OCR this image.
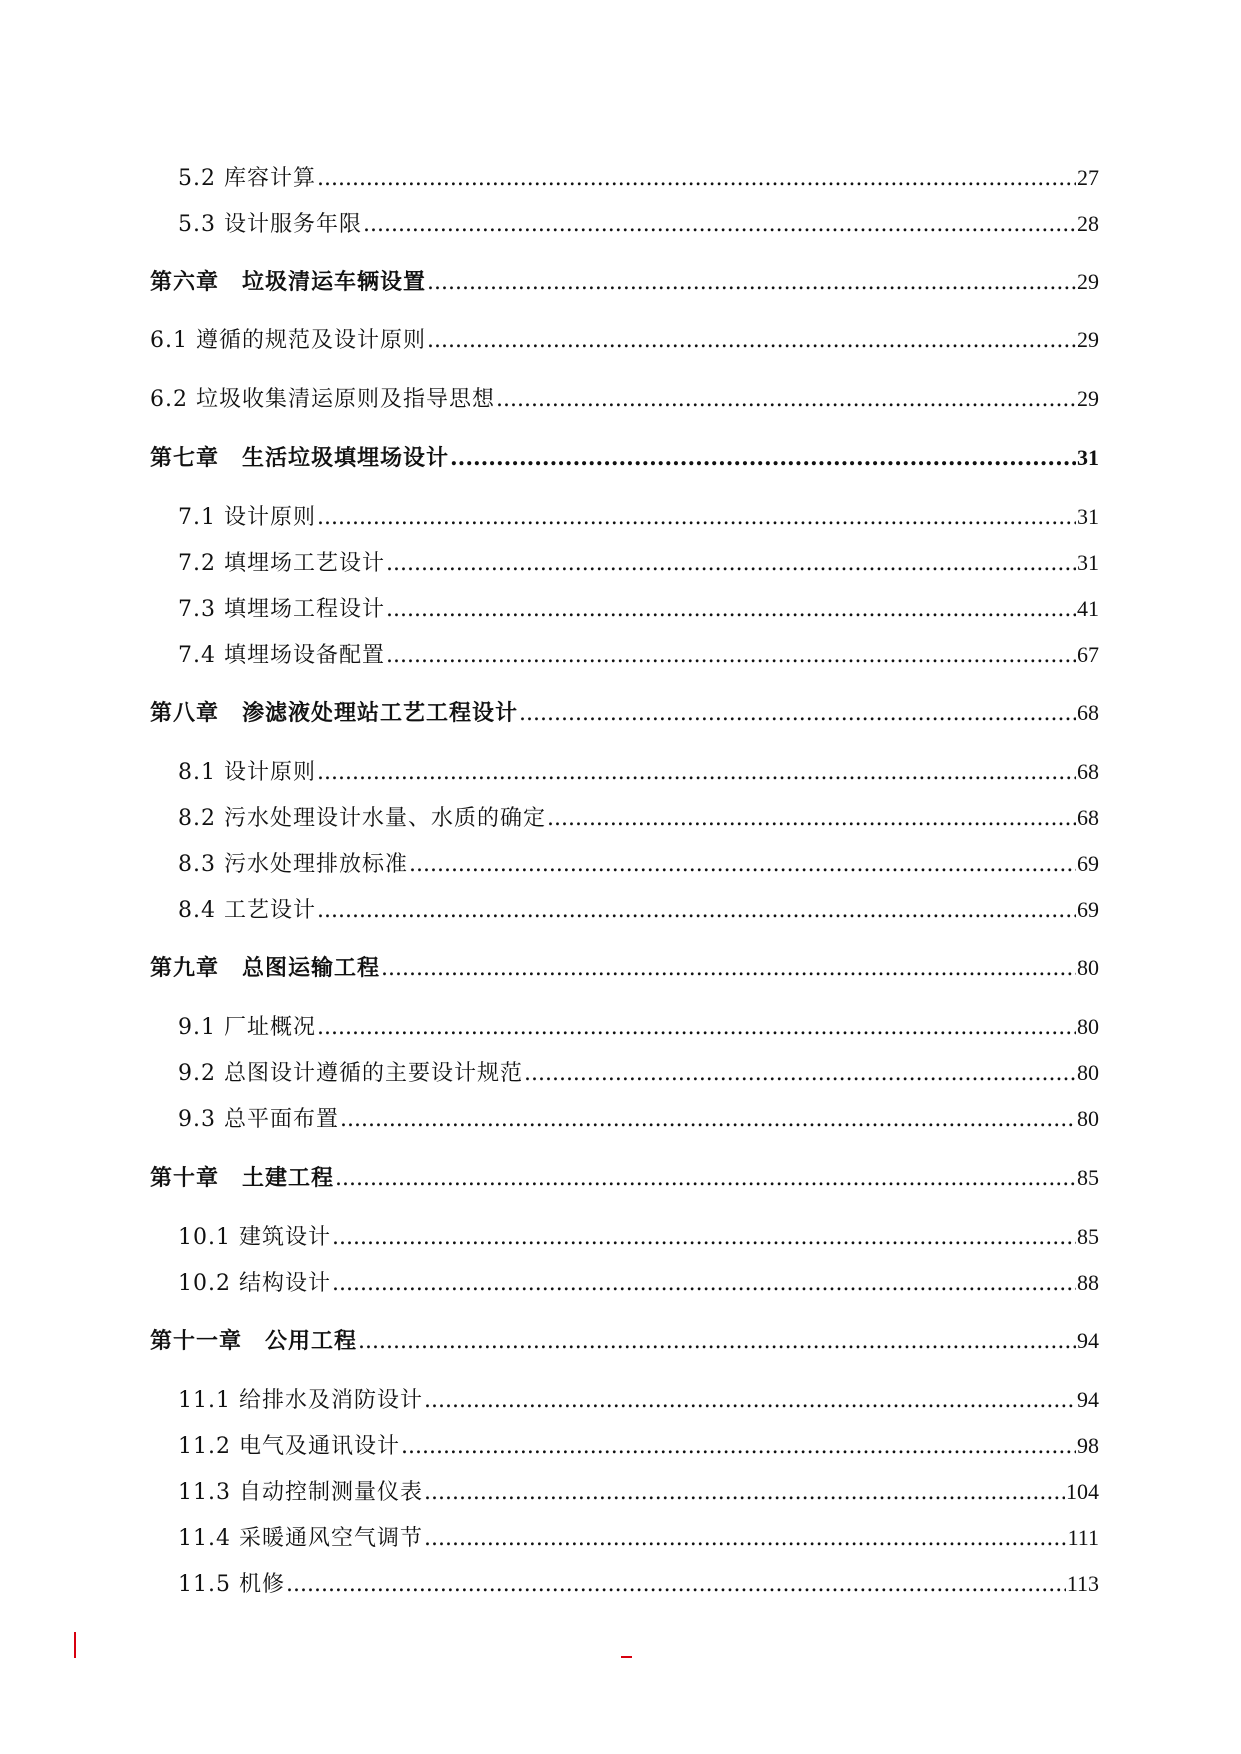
5.2 库容计算 .....	27
5.3 设计服务年限 .....	28
第六章　垃圾清运车辆设置 .....	29
6.1 遵循的规范及设计原则 .....	29
6.2 垃圾收集清运原则及指导思想 .....	29
第七章　生活垃圾填埋场设计 .....	31
7.1 设计原则 .....	31
7.2 填埋场工艺设计 .....	31
7.3 填埋场工程设计 .....	41
7.4 填埋场设备配置 .....	67
第八章　渗滤液处理站工艺工程设计 .....	68
8.1 设计原则 .....	68
8.2 污水处理设计水量、水质的确定 .....	68
8.3 污水处理排放标准 .....	69
8.4 工艺设计 .....	69
第九章　总图运输工程 .....	80
9.1 厂址概况 .....	80
9.2 总图设计遵循的主要设计规范 .....	80
9.3 总平面布置 .....	80
第十章　土建工程 .....	85
10.1 建筑设计 .....	85
10.2 结构设计 .....	88
第十一章　公用工程 .....	94
11.1 给排水及消防设计 .....	94
11.2 电气及通讯设计 .....	98
11.3 自动控制测量仪表 .....	104
11.4 采暖通风空气调节 .....	111
11.5 机修 .....	113
